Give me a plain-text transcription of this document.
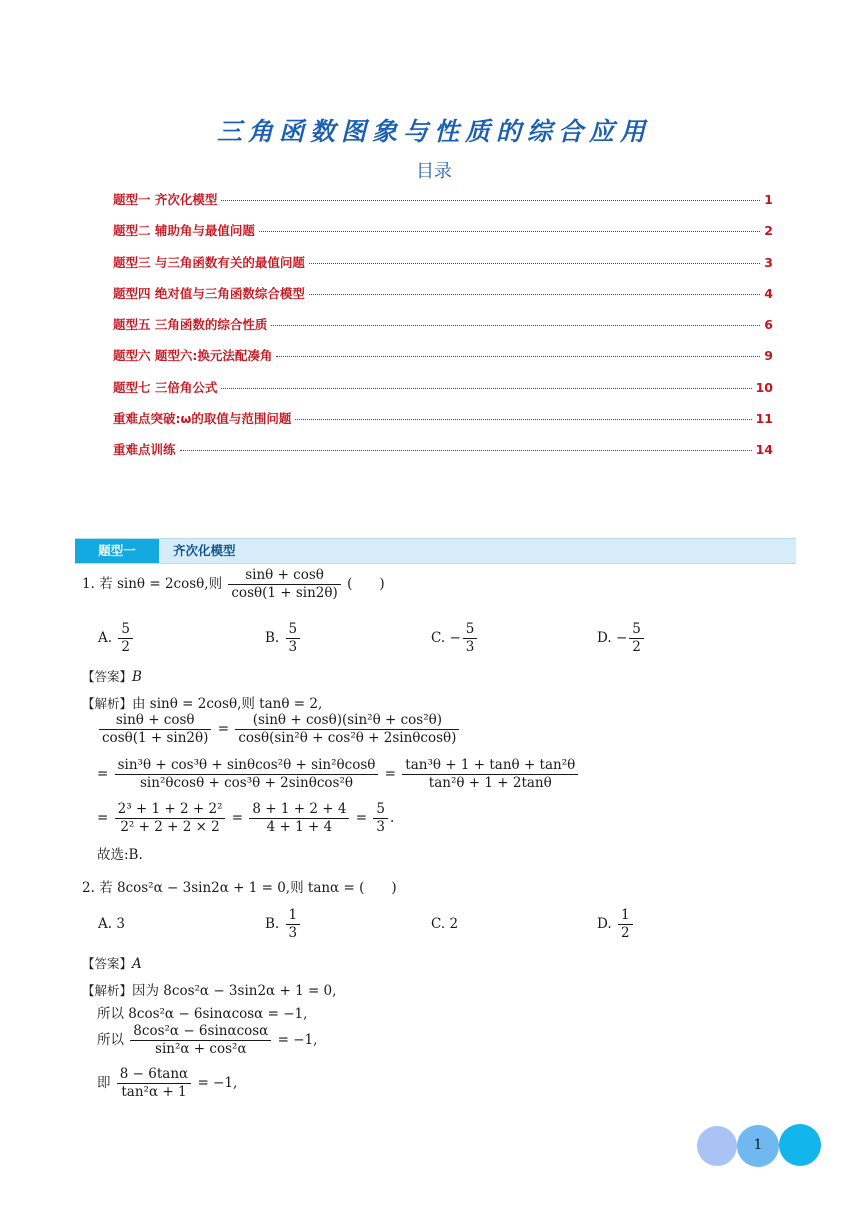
三角函数图象与性质的综合应用
目录
题型一 齐次化模型	1
题型二 辅助角与最值问题	2
题型三 与三角函数有关的最值问题	3
题型四 绝对值与三角函数综合模型	4
题型五 三角函数的综合性质	6
题型六 题型六:换元法配凑角	9
题型七 三倍角公式	10
重难点突破:ω的取值与范围问题	11
重难点训练	14
题型一	齐次化模型
1. 若 sinθ = 2cosθ,则 $\frac{\sin\theta + \cos\theta}{\cos\theta(1 + \sin 2\theta)}$ (　　)
A. $\frac{5}{2}$	B. $\frac{5}{3}$	C. − $\frac{5}{3}$	D. − $\frac{5}{2}$
【答案】B
【解析】由 sinθ = 2cosθ,则 tanθ = 2,
$\frac{\sin\theta + \cos\theta}{\cos\theta(1 + \sin 2\theta)} = \frac{\text{(sinθ + cosθ)(sin²θ + cos²θ)}}{\text{cosθ(sin²θ + cos²θ + 2sinθcosθ)}}$
= $\frac{\text{sin³θ + cos³θ + sinθcos²θ + sin²θcosθ}}{\text{sin²θcosθ + cos³θ + 2sinθcos²θ}} = \frac{\text{tan³θ + 1 + tanθ + tan²θ}}{\text{tan²θ + 1 + 2tanθ}}$
= $\frac{\text{2³ + 1 + 2 + 2²}}{\text{2² + 2 + 2 × 2}} = \frac{8 + 1 + 2 + 4}{4 + 1 + 4} = \frac{5}{3}$ .
故选:B.
2. 若 8cos²α − 3sin2α + 1 = 0,则 tanα = (　　)
A. 3	B. $\frac{1}{3}$	C. 2	D. $\frac{1}{2}$
【答案】A
【解析】因为 8cos²α − 3sin2α + 1 = 0,
所以 8cos²α − 6sinαcosα = −1,
所以 $\frac{\text{8cos²α − 6sinαcosα}}{\text{sin²α + cos²α}} = -1$,
即 $\frac{8 - 6\tan\alpha}{\text{tan²α + 1}} = -1$,
1
